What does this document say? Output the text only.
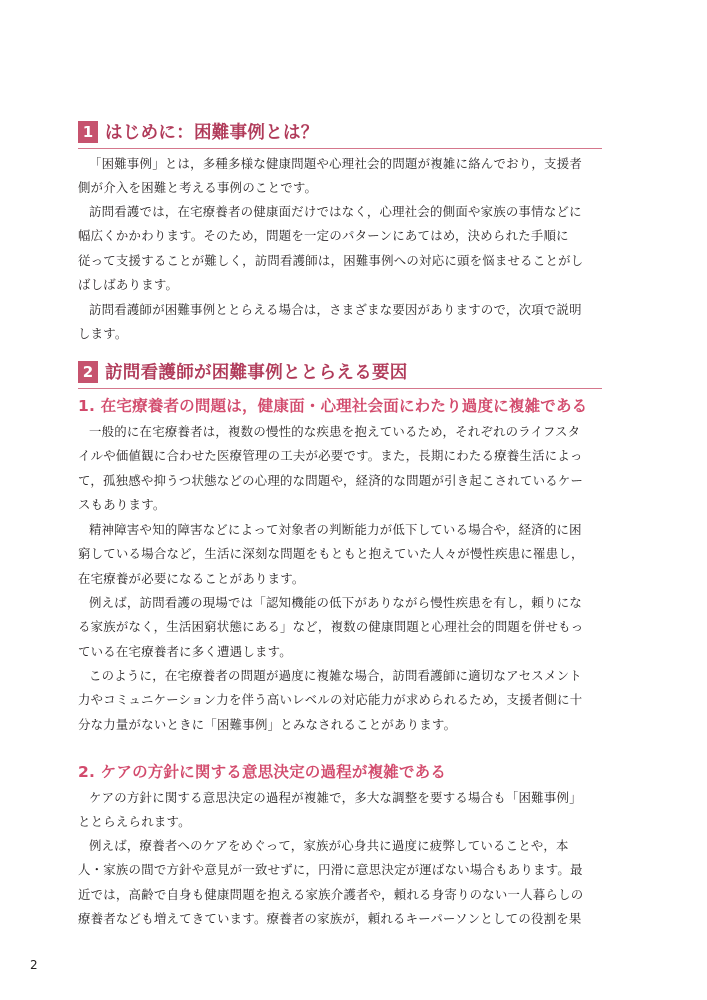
1 はじめに：困難事例とは？
「困難事例」とは，多種多様な健康問題や心理社会的問題が複雑に絡んでおり，支援者
側が介入を困難と考える事例のことです。
訪問看護では，在宅療養者の健康面だけではなく，心理社会的側面や家族の事情などに
幅広くかかわります。そのため，問題を一定のパターンにあてはめ，決められた手順に
従って支援することが難しく，訪問看護師は，困難事例への対応に頭を悩ませることがし
ばしばあります。
訪問看護師が困難事例ととらえる場合は，さまざまな要因がありますので，次項で説明
します。
2 訪問看護師が困難事例ととらえる要因
1. 在宅療養者の問題は，健康面・心理社会面にわたり過度に複雑である
一般的に在宅療養者は，複数の慢性的な疾患を抱えているため，それぞれのライフスタ
イルや価値観に合わせた医療管理の工夫が必要です。また，長期にわたる療養生活によっ
て，孤独感や抑うつ状態などの心理的な問題や，経済的な問題が引き起こされているケー
スもあります。
精神障害や知的障害などによって対象者の判断能力が低下している場合や，経済的に困
窮している場合など，生活に深刻な問題をもともと抱えていた人々が慢性疾患に罹患し，
在宅療養が必要になることがあります。
例えば，訪問看護の現場では「認知機能の低下がありながら慢性疾患を有し，頼りにな
る家族がなく，生活困窮状態にある」など，複数の健康問題と心理社会的問題を併せもっ
ている在宅療養者に多く遭遇します。
このように，在宅療養者の問題が過度に複雑な場合，訪問看護師に適切なアセスメント
力やコミュニケーション力を伴う高いレベルの対応能力が求められるため，支援者側に十
分な力量がないときに「困難事例」とみなされることがあります。
2. ケアの方針に関する意思決定の過程が複雑である
ケアの方針に関する意思決定の過程が複雑で，多大な調整を要する場合も「困難事例」
ととらえられます。
例えば，療養者へのケアをめぐって，家族が心身共に過度に疲弊していることや，本
人・家族の間で方針や意見が一致せずに，円滑に意思決定が運ばない場合もあります。最
近では，高齢で自身も健康問題を抱える家族介護者や，頼れる身寄りのない一人暮らしの
療養者なども増えてきています。療養者の家族が，頼れるキーパーソンとしての役割を果
2
